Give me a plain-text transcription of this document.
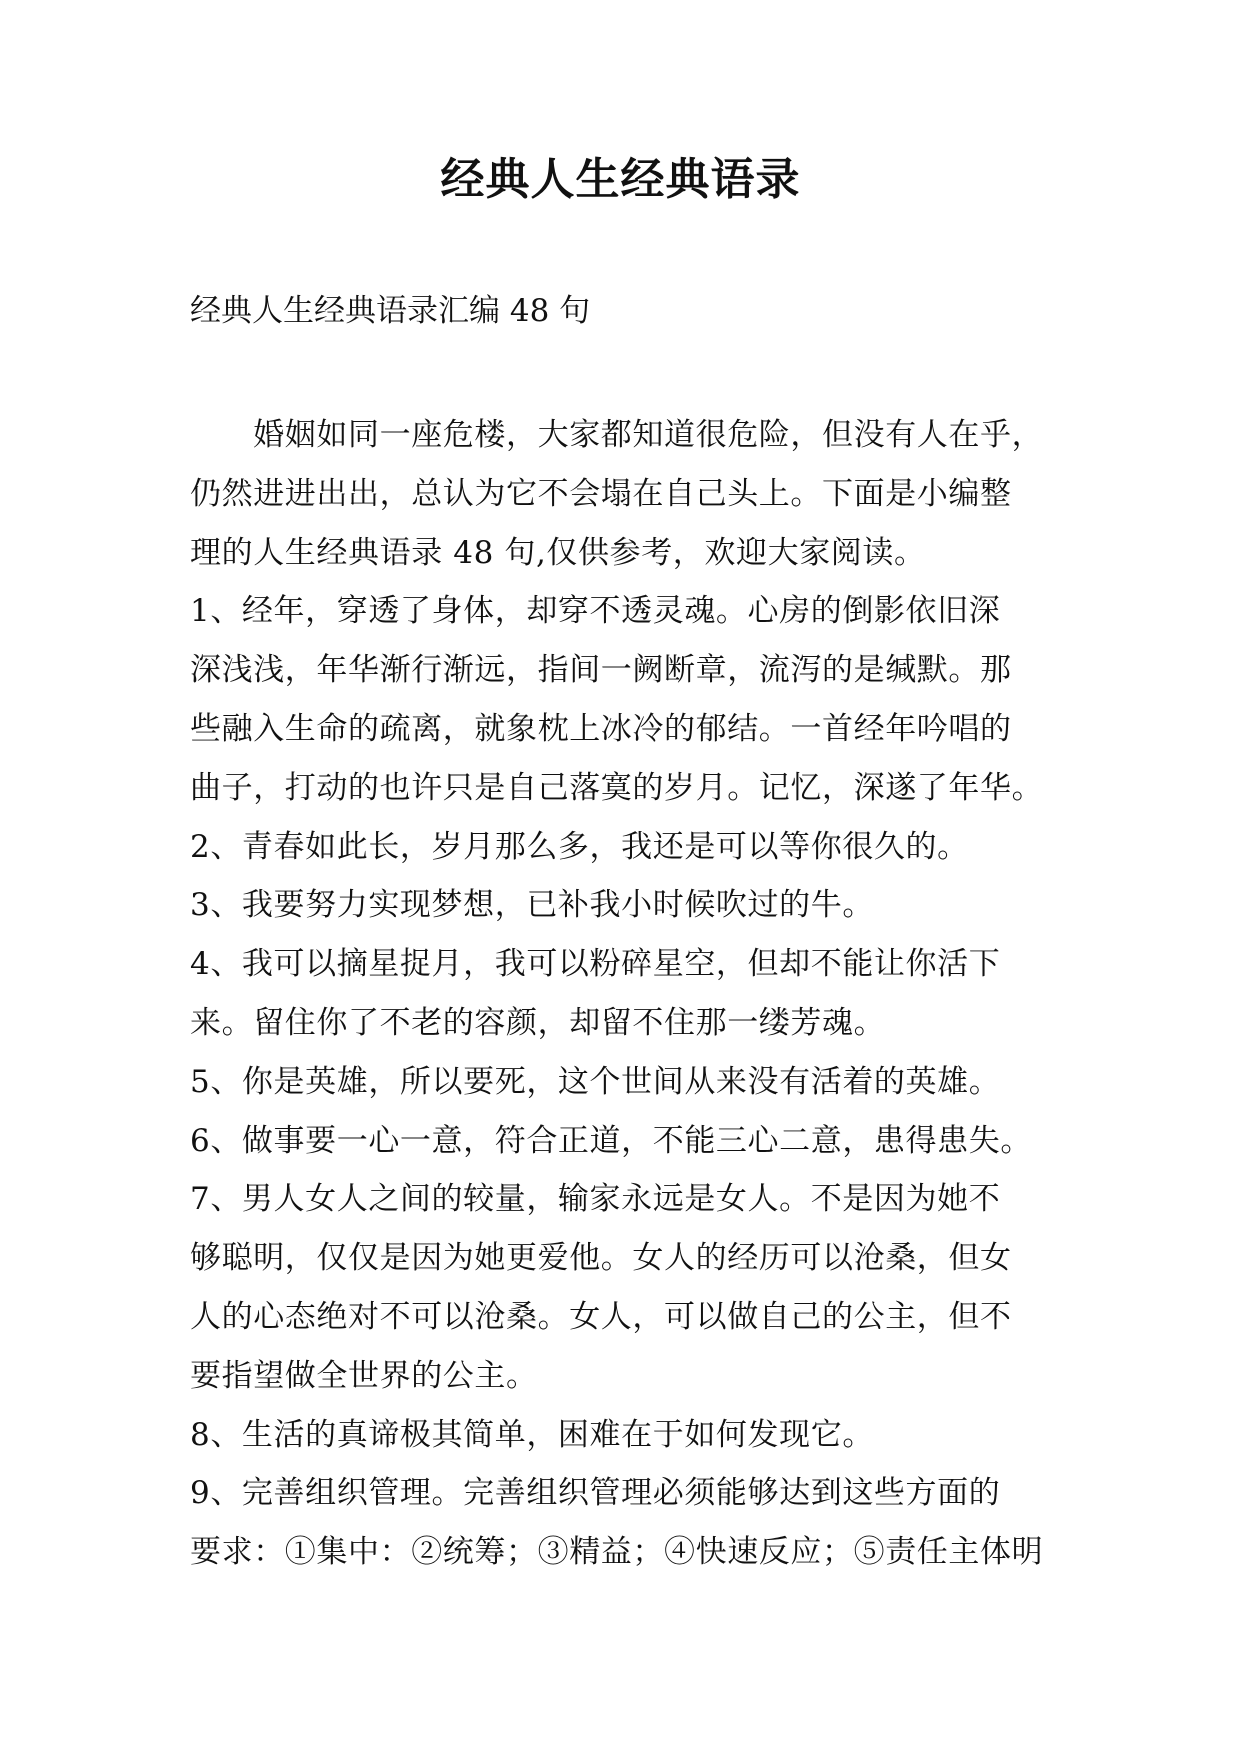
经典人生经典语录
经典人生经典语录汇编 48 句
　　婚姻如同一座危楼，大家都知道很危险，但没有人在乎，
仍然进进出出，总认为它不会塌在自己头上。下面是小编整
理的人生经典语录 48 句,仅供参考，欢迎大家阅读。
1、经年，穿透了身体，却穿不透灵魂。心房的倒影依旧深
深浅浅，年华渐行渐远，指间一阙断章，流泻的是缄默。那
些融入生命的疏离，就象枕上冰冷的郁结。一首经年吟唱的
曲子，打动的也许只是自己落寞的岁月。记忆，深遂了年华。
2、青春如此长，岁月那么多，我还是可以等你很久的。
3、我要努力实现梦想，已补我小时候吹过的牛。
4、我可以摘星捉月，我可以粉碎星空，但却不能让你活下
来。留住你了不老的容颜，却留不住那一缕芳魂。
5、你是英雄，所以要死，这个世间从来没有活着的英雄。
6、做事要一心一意，符合正道，不能三心二意，患得患失。
7、男人女人之间的较量，输家永远是女人。不是因为她不
够聪明，仅仅是因为她更爱他。女人的经历可以沧桑，但女
人的心态绝对不可以沧桑。女人，可以做自己的公主，但不
要指望做全世界的公主。
8、生活的真谛极其简单，困难在于如何发现它。
9、完善组织管理。完善组织管理必须能够达到这些方面的
要求：①集中：②统筹；③精益；④快速反应；⑤责任主体明
